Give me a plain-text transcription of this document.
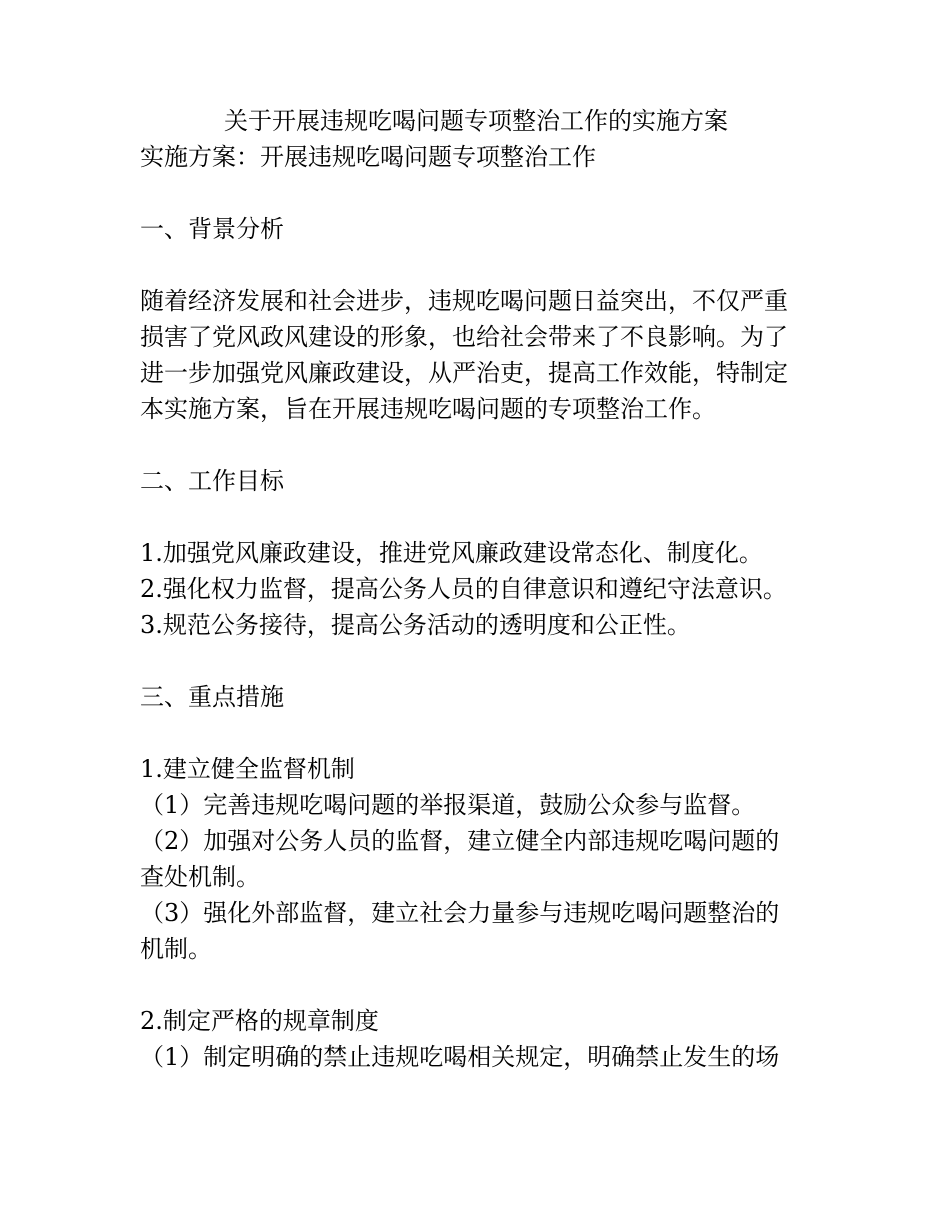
关于开展违规吃喝问题专项整治工作的实施方案

实施方案：开展违规吃喝问题专项整治工作

一、背景分析

随着经济发展和社会进步，违规吃喝问题日益突出，不仅严重

损害了党风政风建设的形象，也给社会带来了不良影响。为了

进一步加强党风廉政建设，从严治吏，提高工作效能，特制定

本实施方案，旨在开展违规吃喝问题的专项整治工作。

二、工作目标

1.加强党风廉政建设，推进党风廉政建设常态化、制度化。

2.强化权力监督，提高公务人员的自律意识和遵纪守法意识。

3.规范公务接待，提高公务活动的透明度和公正性。

三、重点措施

1.建立健全监督机制

（1）完善违规吃喝问题的举报渠道，鼓励公众参与监督。

（2）加强对公务人员的监督，建立健全内部违规吃喝问题的

查处机制。

（3）强化外部监督，建立社会力量参与违规吃喝问题整治的

机制。

2.制定严格的规章制度

（1）制定明确的禁止违规吃喝相关规定，明确禁止发生的场
